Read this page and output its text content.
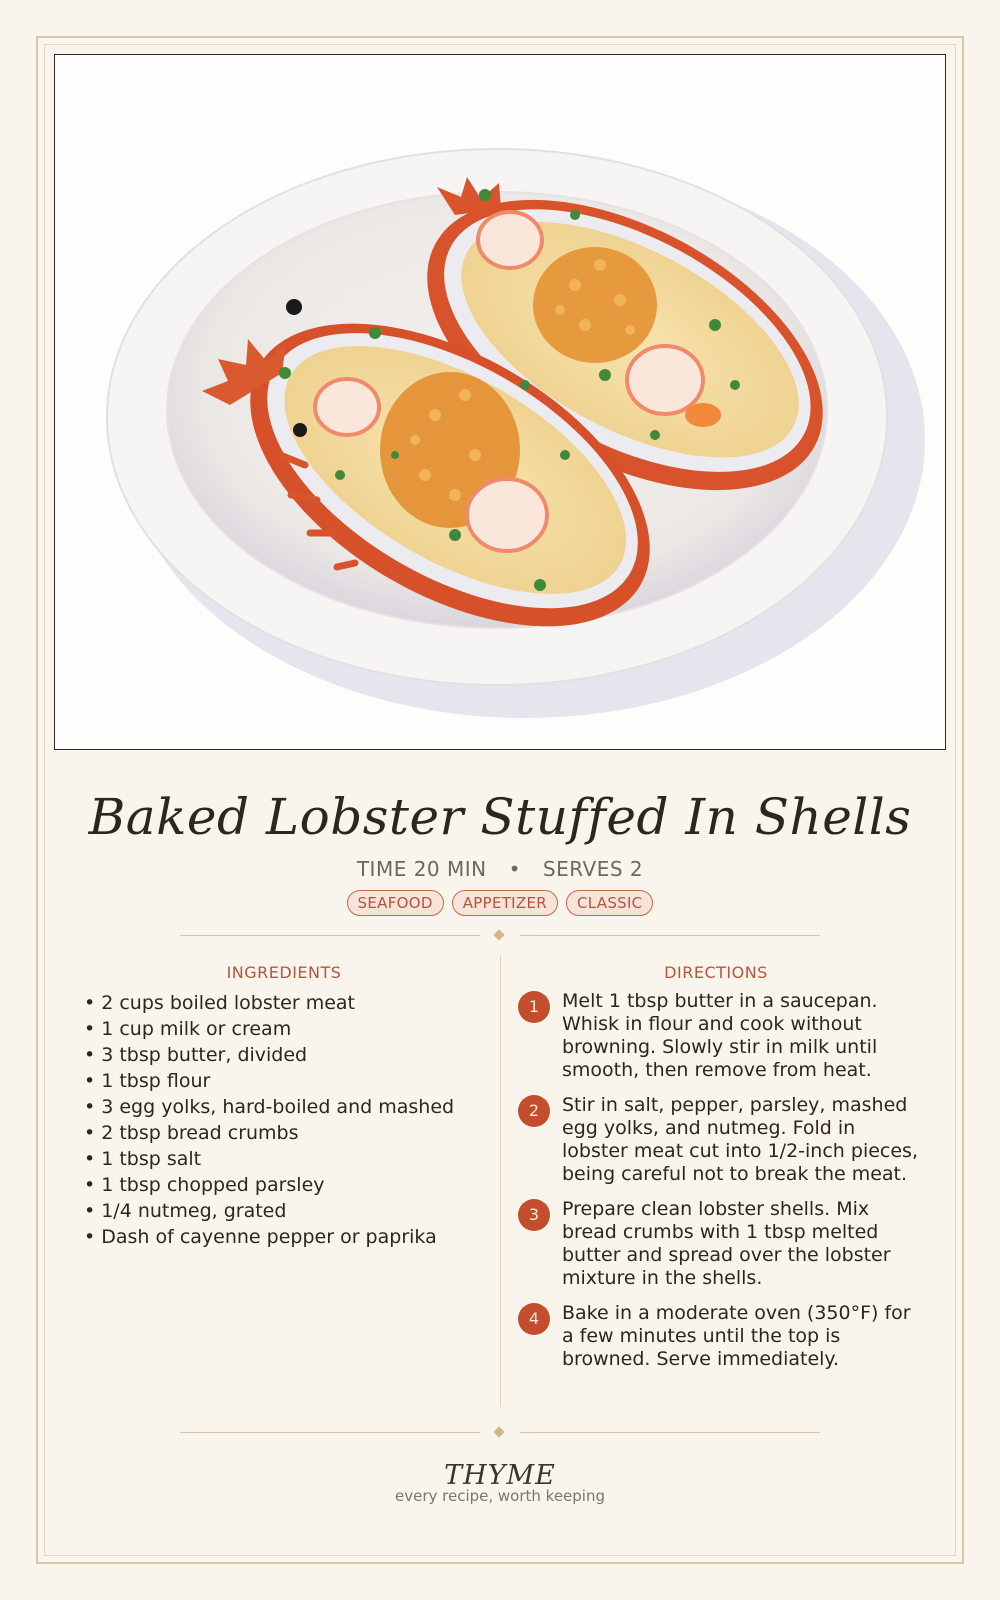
Baked Lobster Stuffed In Shells
TIME 20 MIN • SERVES 2
SEAFOOD APPETIZER CLASSIC
INGREDIENTS	DIRECTIONS
• 2 cups boiled lobster meat
• 1 cup milk or cream
• 3 tbsp butter, divided
• 1 tbsp flour
• 3 egg yolks, hard-boiled and mashed
• 2 tbsp bread crumbs
• 1 tbsp salt
• 1 tbsp chopped parsley
• 1/4 nutmeg, grated
• Dash of cayenne pepper or paprika
1	Melt 1 tbsp butter in a saucepan. Whisk in flour and cook without browning. Slowly stir in milk until smooth, then remove from heat.
2	Stir in salt, pepper, parsley, mashed egg yolks, and nutmeg. Fold in lobster meat cut into 1/2-inch pieces, being careful not to break the meat.
3	Prepare clean lobster shells. Mix bread crumbs with 1 tbsp melted butter and spread over the lobster mixture in the shells.
4	Bake in a moderate oven (350°F) for a few minutes until the top is browned. Serve immediately.
THYME
every recipe, worth keeping
